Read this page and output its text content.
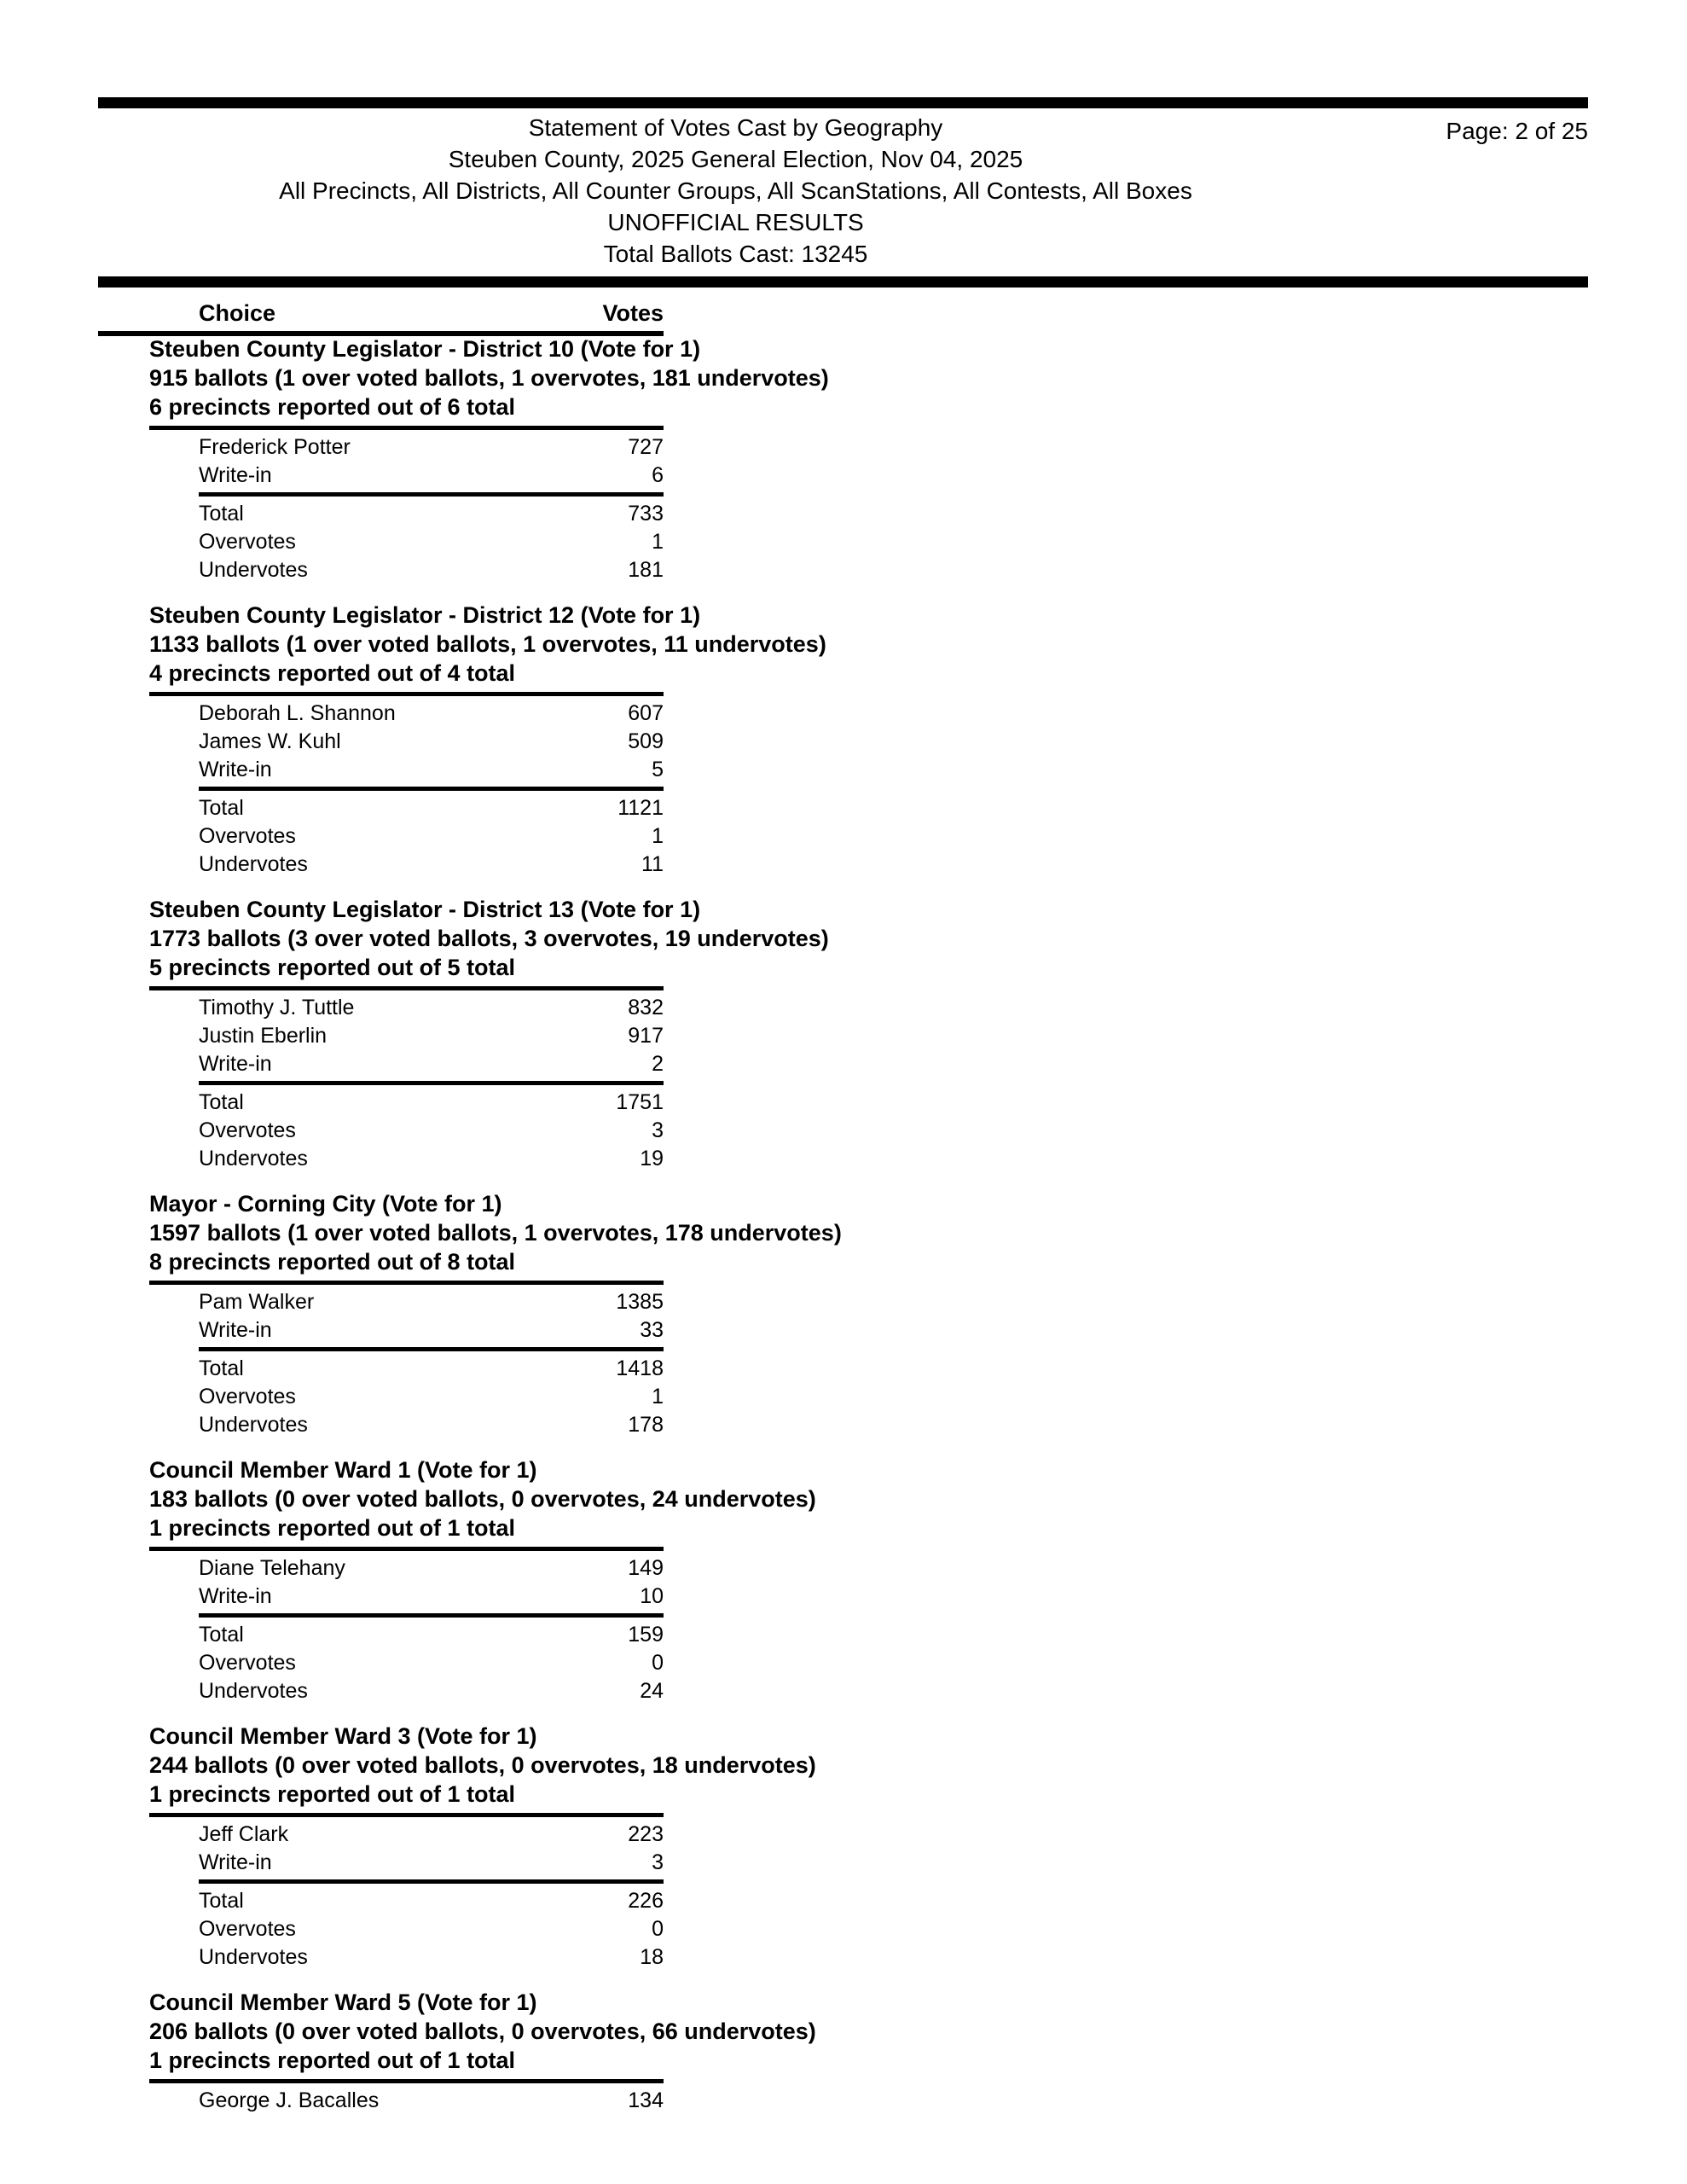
Page: 2 of 25
Statement of Votes Cast by Geography
Steuben County, 2025 General Election, Nov 04, 2025
All Precincts, All Districts, All Counter Groups, All ScanStations, All Contests, All Boxes
UNOFFICIAL RESULTS
Total Ballots Cast: 13245
Choice	Votes
Steuben County Legislator - District 10 (Vote for 1)
915 ballots (1 over voted ballots, 1 overvotes, 181 undervotes)
6 precincts reported out of 6 total
Frederick Potter	727
Write-in	6
Total	733
Overvotes	1
Undervotes	181
Steuben County Legislator - District 12 (Vote for 1)
1133 ballots (1 over voted ballots, 1 overvotes, 11 undervotes)
4 precincts reported out of 4 total
Deborah L. Shannon	607
James W. Kuhl	509
Write-in	5
Total	1121
Overvotes	1
Undervotes	11
Steuben County Legislator - District 13 (Vote for 1)
1773 ballots (3 over voted ballots, 3 overvotes, 19 undervotes)
5 precincts reported out of 5 total
Timothy J. Tuttle	832
Justin Eberlin	917
Write-in	2
Total	1751
Overvotes	3
Undervotes	19
Mayor - Corning City (Vote for 1)
1597 ballots (1 over voted ballots, 1 overvotes, 178 undervotes)
8 precincts reported out of 8 total
Pam Walker	1385
Write-in	33
Total	1418
Overvotes	1
Undervotes	178
Council Member Ward 1 (Vote for 1)
183 ballots (0 over voted ballots, 0 overvotes, 24 undervotes)
1 precincts reported out of 1 total
Diane Telehany	149
Write-in	10
Total	159
Overvotes	0
Undervotes	24
Council Member Ward 3 (Vote for 1)
244 ballots (0 over voted ballots, 0 overvotes, 18 undervotes)
1 precincts reported out of 1 total
Jeff Clark	223
Write-in	3
Total	226
Overvotes	0
Undervotes	18
Council Member Ward 5 (Vote for 1)
206 ballots (0 over voted ballots, 0 overvotes, 66 undervotes)
1 precincts reported out of 1 total
George J. Bacalles	134
